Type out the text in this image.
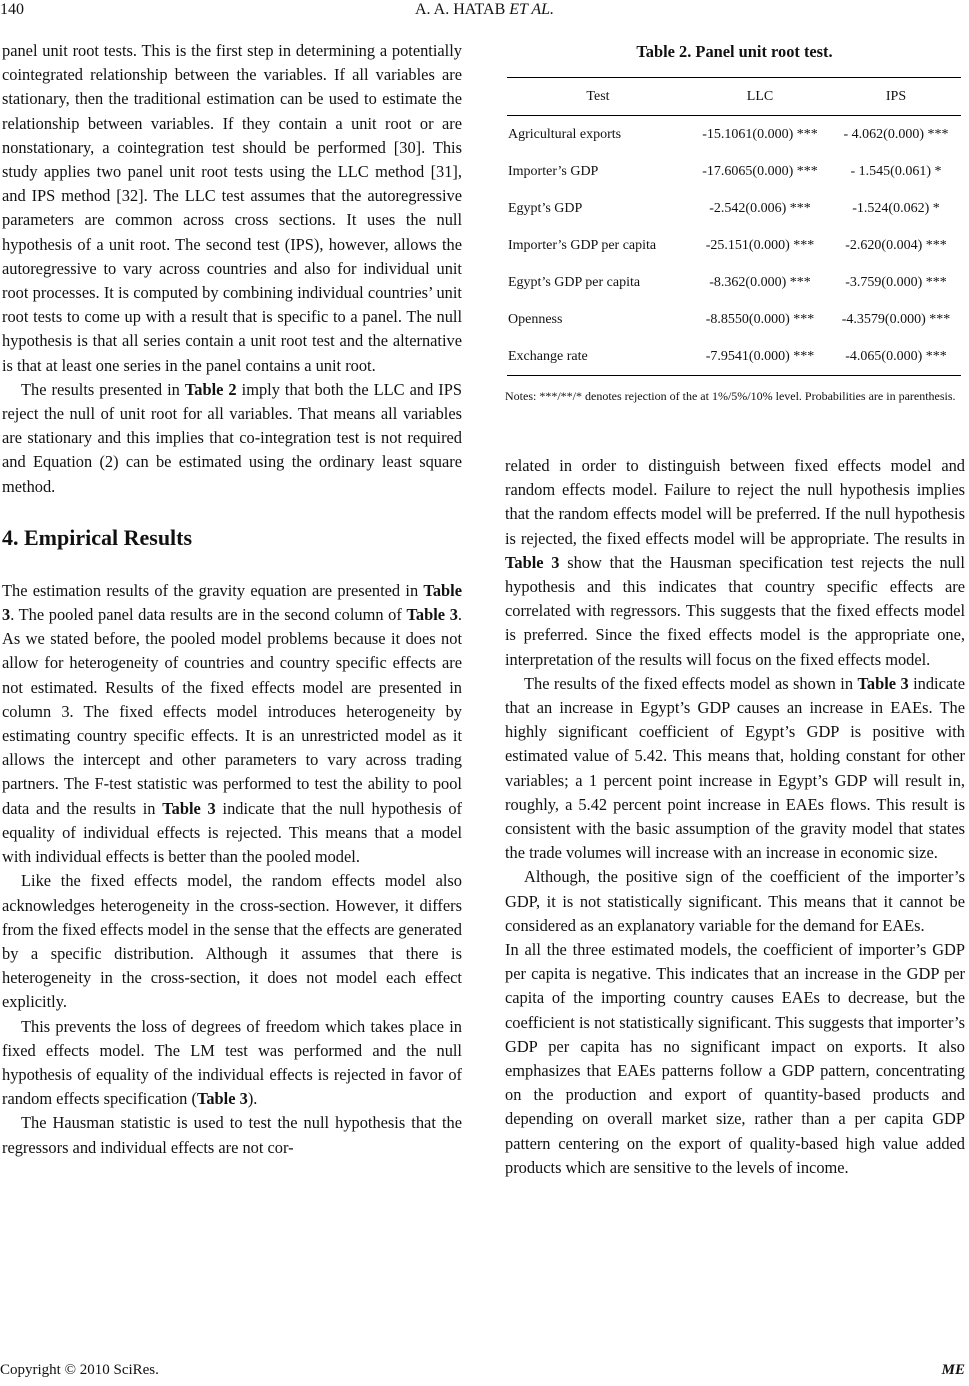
140	A. A. HATAB ET AL.

panel unit root tests. This is the first step in determining a potentially cointegrated relationship between the variables. If all variables are stationary, then the traditional estimation can be used to estimate the relationship between variables. If they contain a unit root or are nonstationary, a cointegration test should be performed [30]. This study applies two panel unit root tests using the LLC method [31], and IPS method [32]. The LLC test assumes that the autoregressive parameters are common across cross sections. It uses the null hypothesis of a unit root. The second test (IPS), however, allows the autoregressive to vary across countries and also for individual unit root processes. It is computed by combining individual countries’ unit root tests to come up with a result that is specific to a panel. The null hypothesis is that all series contain a unit root test and the alternative is that at least one series in the panel contains a unit root.

The results presented in Table 2 imply that both the LLC and IPS reject the null of unit root for all variables. That means all variables are stationary and this implies that co-integration test is not required and Equation (2) can be estimated using the ordinary least square method.

4. Empirical Results

The estimation results of the gravity equation are presented in Table 3. The pooled panel data results are in the second column of Table 3. As we stated before, the pooled model problems because it does not allow for heterogeneity of countries and country specific effects are not estimated. Results of the fixed effects model are presented in column 3. The fixed effects model introduces heterogeneity by estimating country specific effects. It is an unrestricted model as it allows the intercept and other parameters to vary across trading partners. The F-test statistic was performed to test the ability to pool data and the results in Table 3 indicate that the null hypothesis of equality of individual effects is rejected. This means that a model with individual effects is better than the pooled model.

Like the fixed effects model, the random effects model also acknowledges heterogeneity in the cross-section. However, it differs from the fixed effects model in the sense that the effects are generated by a specific distribution. Although it assumes that there is heterogeneity in the cross-section, it does not model each effect explicitly.

This prevents the loss of degrees of freedom which takes place in fixed effects model. The LM test was performed and the null hypothesis of equality of the individual effects is rejected in favor of random effects specification (Table 3).

The Hausman statistic is used to test the null hypothesis that the regressors and individual effects are not cor-

Table 2. Panel unit root test.
Test	LLC	IPS
Agricultural exports	-15.1061(0.000) ***	- 4.062(0.000) ***
Importer’s GDP	-17.6065(0.000) ***	- 1.545(0.061) *
Egypt’s GDP	-2.542(0.006) ***	-1.524(0.062) *
Importer’s GDP per capita	-25.151(0.000) ***	-2.620(0.004) ***
Egypt’s GDP per capita	-8.362(0.000) ***	-3.759(0.000) ***
Openness	-8.8550(0.000) ***	-4.3579(0.000) ***
Exchange rate	-7.9541(0.000) ***	-4.065(0.000) ***
Notes: ***/**/* denotes rejection of the at 1%/5%/10% level. Probabilities are in parenthesis.

related in order to distinguish between fixed effects model and random effects model. Failure to reject the null hypothesis implies that the random effects model will be preferred. If the null hypothesis is rejected, the fixed effects model will be appropriate. The results in Table 3 show that the Hausman specification test rejects the null hypothesis and this indicates that country specific effects are correlated with regressors. This suggests that the fixed effects model is preferred. Since the fixed effects model is the appropriate one, interpretation of the results will focus on the fixed effects model.

The results of the fixed effects model as shown in Table 3 indicate that an increase in Egypt’s GDP causes an increase in EAEs. The highly significant coefficient of Egypt’s GDP is positive with estimated value of 5.42. This means that, holding constant for other variables; a 1 percent point increase in Egypt’s GDP will result in, roughly, a 5.42 percent point increase in EAEs flows. This result is consistent with the basic assumption of the gravity model that states the trade volumes will increase with an increase in economic size.

Although, the positive sign of the coefficient of the importer’s GDP, it is not statistically significant. This means that it cannot be considered as an explanatory variable for the demand for EAEs.

In all the three estimated models, the coefficient of importer’s GDP per capita is negative. This indicates that an increase in the GDP per capita of the importing country causes EAEs to decrease, but the coefficient is not statistically significant. This suggests that importer’s GDP per capita has no significant impact on exports. It also emphasizes that EAEs patterns follow a GDP pattern, concentrating on the production and export of quantity-based products and depending on overall market size, rather than a per capita GDP pattern centering on the export of quality-based high value added products which are sensitive to the levels of income.

Copyright © 2010 SciRes.	ME
